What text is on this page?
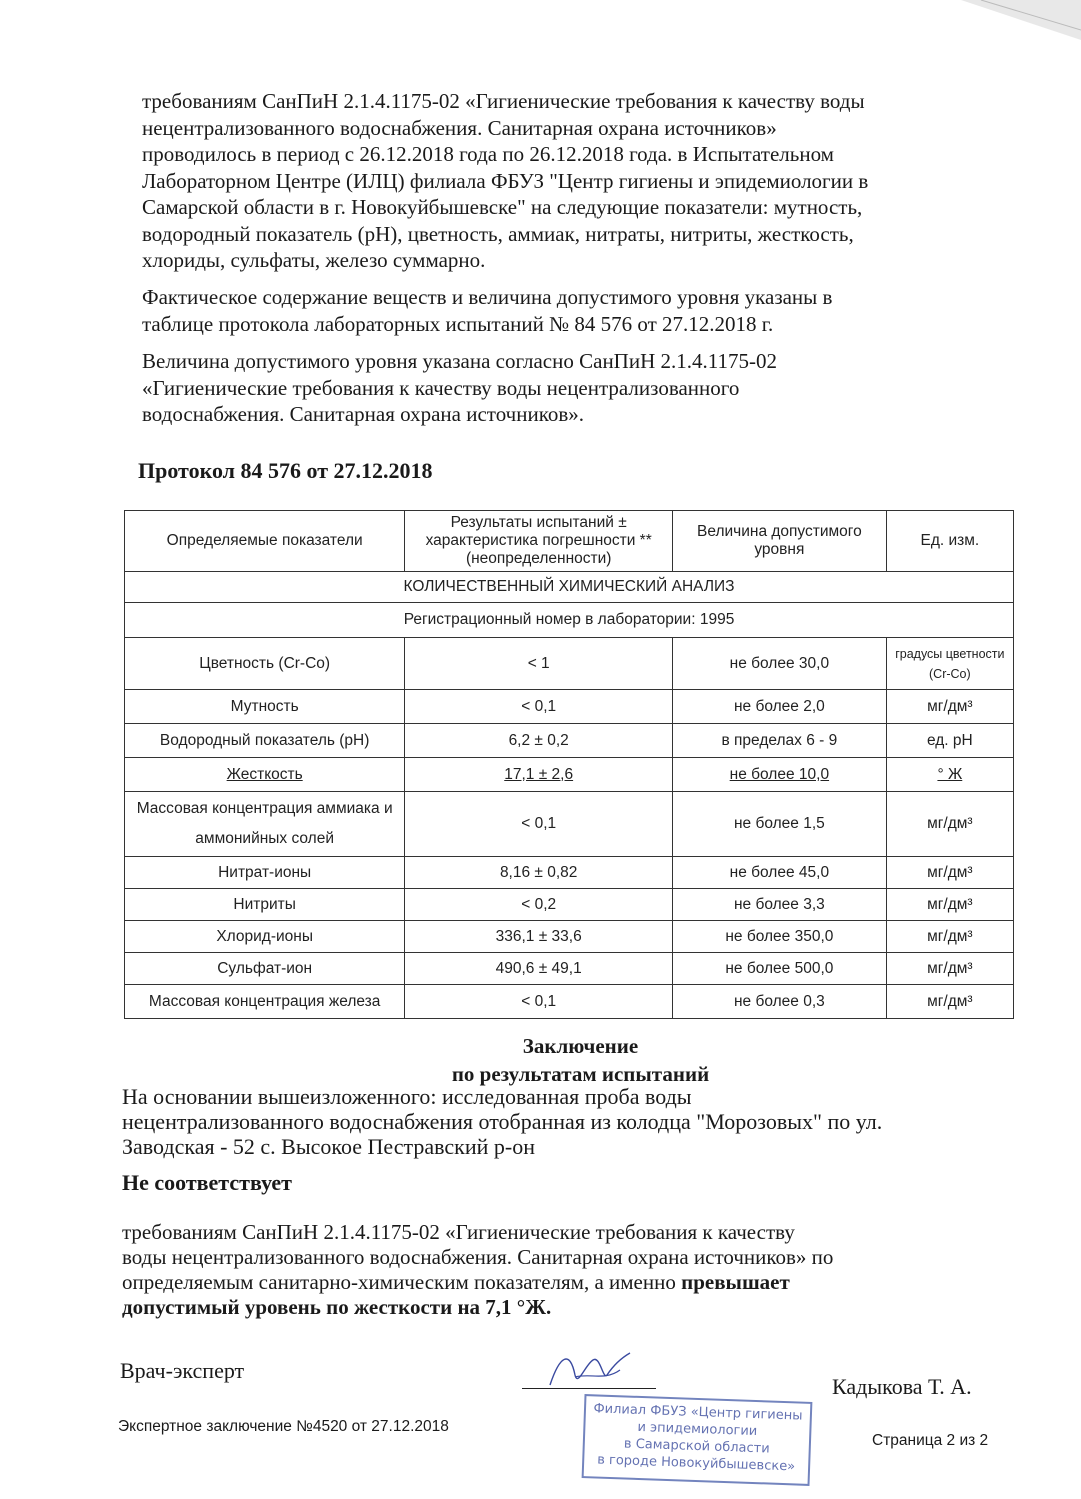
требованиям СанПиН 2.1.4.1175-02 «Гигиенические требования к качеству воды
нецентрализованного водоснабжения. Санитарная охрана источников»
проводилось в период с 26.12.2018 года по 26.12.2018 года. в Испытательном
Лабораторном Центре (ИЛЦ) филиала ФБУЗ "Центр гигиены и эпидемиологии в
Самарской области в г. Новокуйбышевске" на следующие показатели: мутность,
водородный показатель (pH), цветность, аммиак, нитраты, нитриты, жесткость,
хлориды, сульфаты, железо суммарно.
Фактическое содержание веществ и величина допустимого уровня указаны в
таблице протокола лабораторных испытаний № 84 576 от 27.12.2018 г.
Величина допустимого уровня указана согласно СанПиН 2.1.4.1175-02
«Гигиенические требования к качеству воды нецентрализованного
водоснабжения. Санитарная охрана источников».
Протокол 84 576 от 27.12.2018
Определяемые показатели	Результаты испытаний ± характеристика погрешности **(неопределенности)	Величина допустимого уровня	Ед. изм.
КОЛИЧЕСТВЕННЫЙ ХИМИЧЕСКИЙ АНАЛИЗ			
Регистрационный номер в лаборатории: 1995			
Цветность (Cr-Co)	< 1	не более 30,0	градусы цветности (Cr-Co)
Мутность	< 0,1	не более 2,0	мг/дм³
Водородный показатель (pH)	6,2 ± 0,2	в пределах 6 - 9	ед. pH
Жесткость	17,1 ± 2,6	не более 10,0	° Ж
Массовая концентрация аммиака и аммонийных солей	< 0,1	не более 1,5	мг/дм³
Нитрат-ионы	8,16 ± 0,82	не более 45,0	мг/дм³
Нитриты	< 0,2	не более 3,3	мг/дм³
Хлорид-ионы	336,1 ± 33,6	не более 350,0	мг/дм³
Сульфат-ион	490,6 ± 49,1	не более 500,0	мг/дм³
Массовая концентрация железа	< 0,1	не более 0,3	мг/дм³
Заключение
по результатам испытаний
На основании вышеизложенного: исследованная проба воды
нецентрализованного водоснабжения отобранная из колодца "Морозовых" по ул.
Заводская - 52 с. Высокое Пестравский р-он
Не соответствует
требованиям СанПиН 2.1.4.1175-02 «Гигиенические требования к качеству
воды нецентрализованного водоснабжения. Санитарная охрана источников» по
определяемым санитарно-химическим показателям, а именно превышает
допустимый уровень по жесткости на 7,1 °Ж.
Врач-эксперт
Кадыкова Т. А.
Филиал ФБУЗ «Центр гигиены
и эпидемиологии
в Самарской области
в городе Новокуйбышевске»
Экспертное заключение №4520 от 27.12.2018
Страница 2 из 2
